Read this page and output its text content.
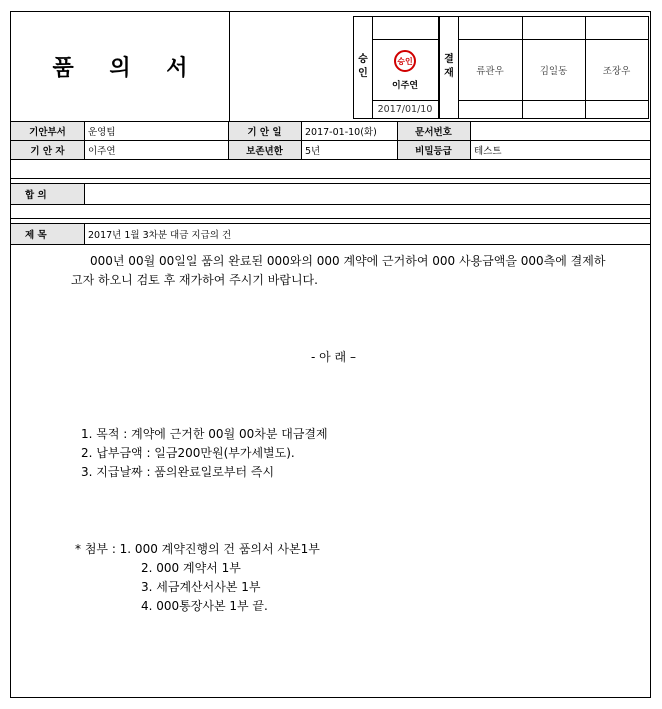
품 의 서	승인
승인
이주연
2017/01/10
결재	류관우	김일동	조장우
기안부서	운영팀	기 안 일	2017-01-10(화)	문서번호
기 안 자	이주연	보존년한	5년	비밀등급	테스트
합 의
제 목	2017년 1월 3차분 대금 지급의 건
000년 00월 00일일 품의 완료된 000와의 000 계약에 근거하여 000 사용금액을 000측에 결제하
고자 하오니 검토 후 재가하여 주시기 바랍니다.
- 아 래 –
1. 목적 : 계약에 근거한 00월 00차분 대금결제
2. 납부금액 : 일금200만원(부가세별도).
3. 지급날짜 : 품의완료일로부터 즉시
* 첨부 : 1. 000 계약진행의 건 품의서 사본1부
2. 000 계약서 1부
3. 세금계산서사본 1부
4. 000통장사본 1부 끝.
